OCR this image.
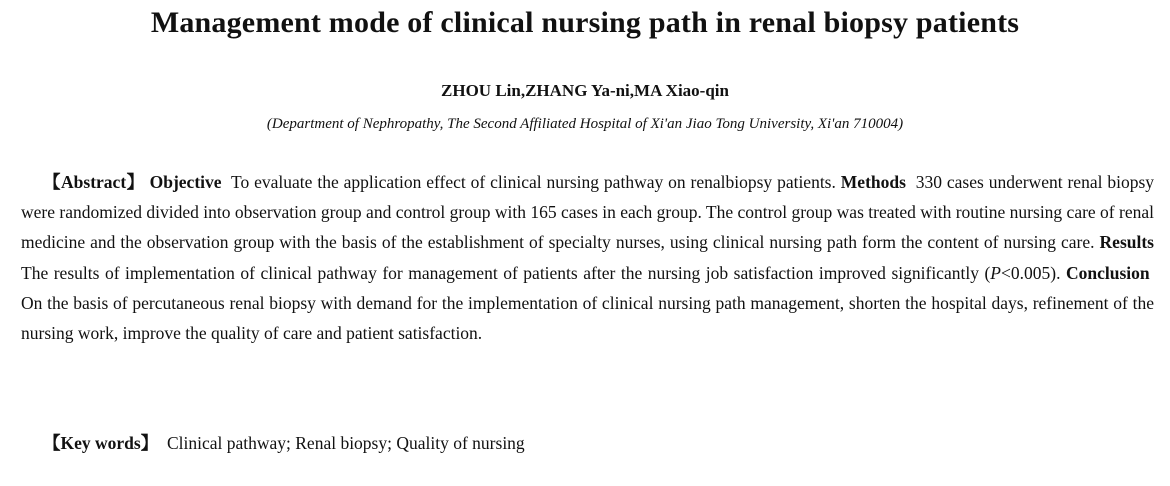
Management mode of clinical nursing path in renal biopsy patients
ZHOU Lin,ZHANG Ya-ni,MA Xiao-qin
(Department of Nephropathy, The Second Affiliated Hospital of Xi'an Jiao Tong University, Xi'an 710004)
【Abstract】 Objective To evaluate the application effect of clinical nursing pathway on renalbiopsy patients. Methods 330 cases underwent renal biopsy were randomized divided into observation group and control group with 165 cases in each group. The control group was treated with routine nursing care of renal medicine and the observation group with the basis of the establishment of specialty nurses, using clinical nursing path form the content of nursing care. Results The results of implementation of clinical pathway for management of patients after the nursing job satisfaction improved significantly (P<0.005). Conclusion  On the basis of percutaneous renal biopsy with demand for the implementation of clinical nursing path management, shorten the hospital days, refinement of the nursing work, improve the quality of care and patient satisfaction.
【Key words】 Clinical pathway; Renal biopsy; Quality of nursing
